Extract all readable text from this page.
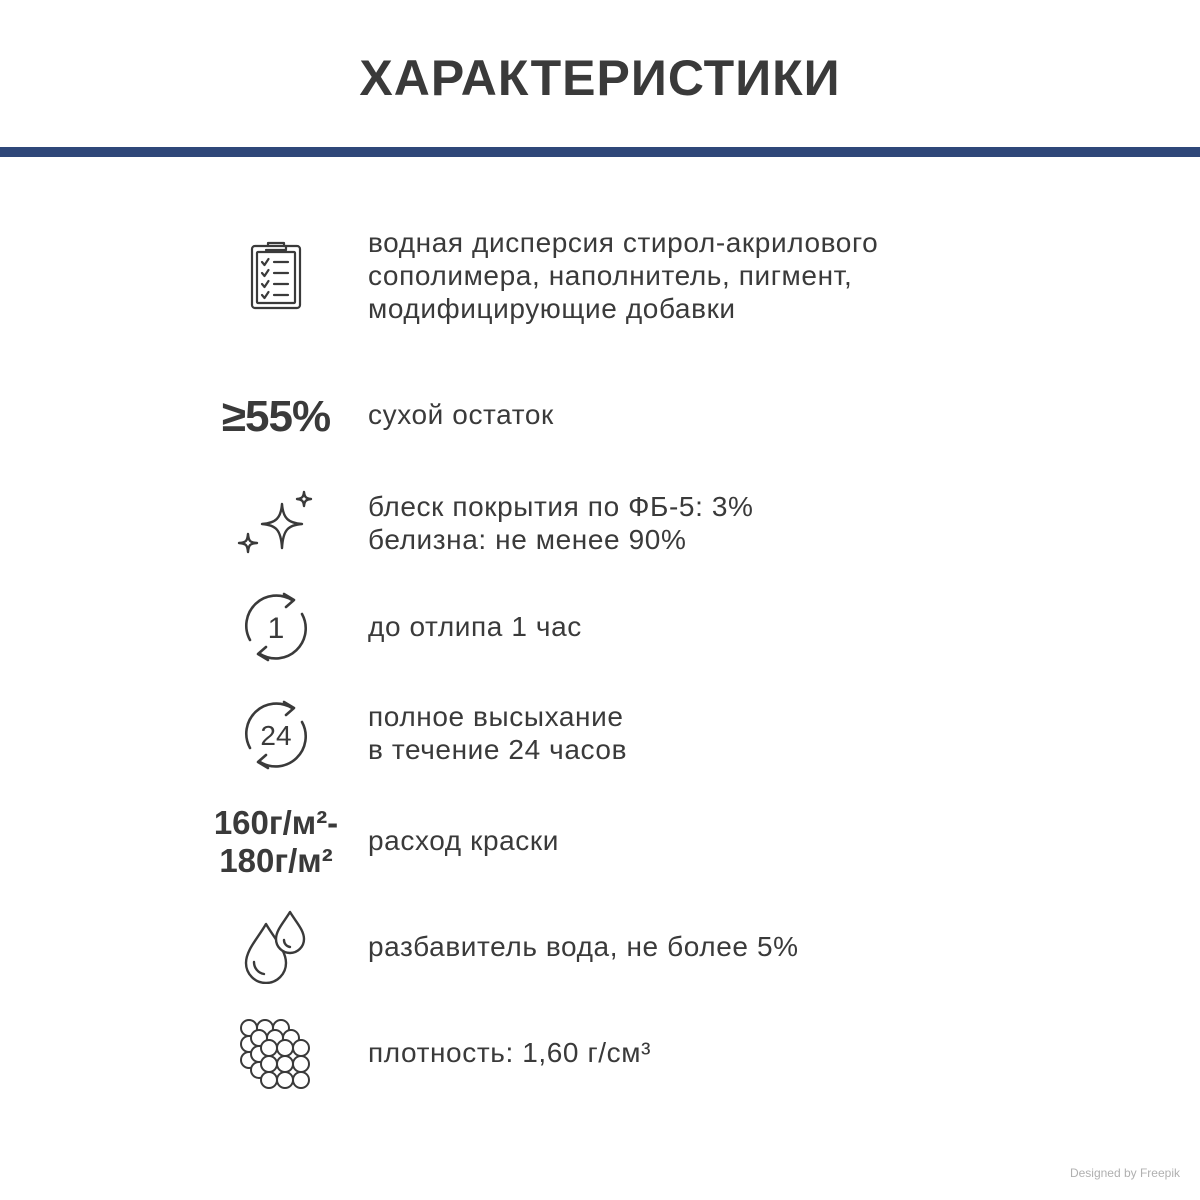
ХАРАКТЕРИСТИКИ
водная дисперсия стирол-акрилового
сополимера, наполнитель, пигмент,
модифицирующие добавки
≥55% сухой остаток
блеск покрытия по ФБ-5: 3%
белизна: не менее 90%
1	до отлипа 1 час
24
полное высыхание
в течение 24 часов
160г/м²-
180г/м²
расход краски
разбавитель вода, не более 5%
плотность: 1,60 г/см³
Designed by Freepik
